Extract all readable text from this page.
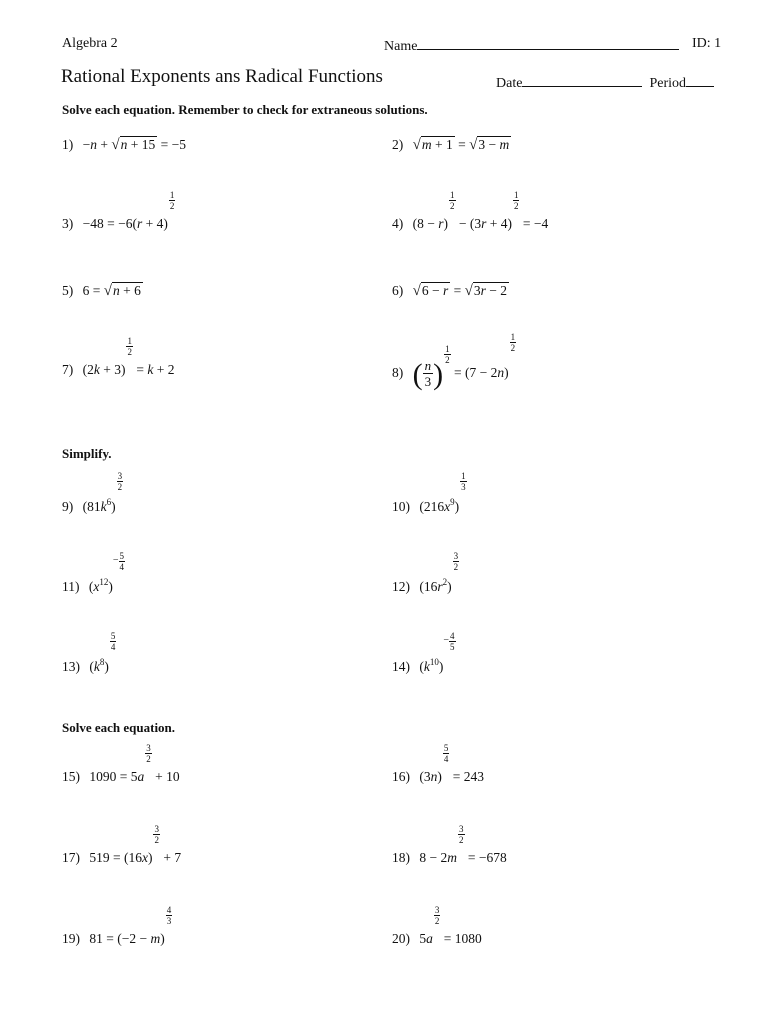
Algebra 2	Name	ID: 1
Rational Exponents ans Radical Functions	Date	Period
Solve each equation. Remember to check for extraneous solutions.
1) −n + √n + 15 = −5	2) √m + 1 = √3 − m
3) −48 = −6(r + 4)
$\frac{1}{2}$
4) (8 − r)
$\frac{1}{2}$
− (3r + 4)
$\frac{1}{2}$
= −4
5) 6 = √n + 6	6) √6 − r = √3r − 2
7) (2k + 3)
$\frac{1}{2}$
= k + 2	8) ( $\frac{n}{3}$ )
$\frac{1}{2}$
= (7 − 2n)
$\frac{1}{2}$
Simplify.
9) $(81k^6)$
$\frac{3}{2}$
10) $(216x^9)$
$\frac{1}{3}$
11) $(x^{12})- \frac{5}{4}$
12) $(16r^2)$
$\frac{3}{2}$
13) $(k^8)$
$\frac{5}{4}$
14) $(k^{10})- \frac{4}{5}$
Solve each equation.
15) 1090 = 5a
$\frac{3}{2}$
+ 10	16) (3n)
$\frac{5}{4}$
= 243
17) 519 = (16x)
$\frac{3}{2}$
+ 7	18) 8 − 2m
$\frac{3}{2}$
= −678
19) 81 = (−2 − m)
$\frac{4}{3}$
20) 5a
$\frac{3}{2}$
= 1080
